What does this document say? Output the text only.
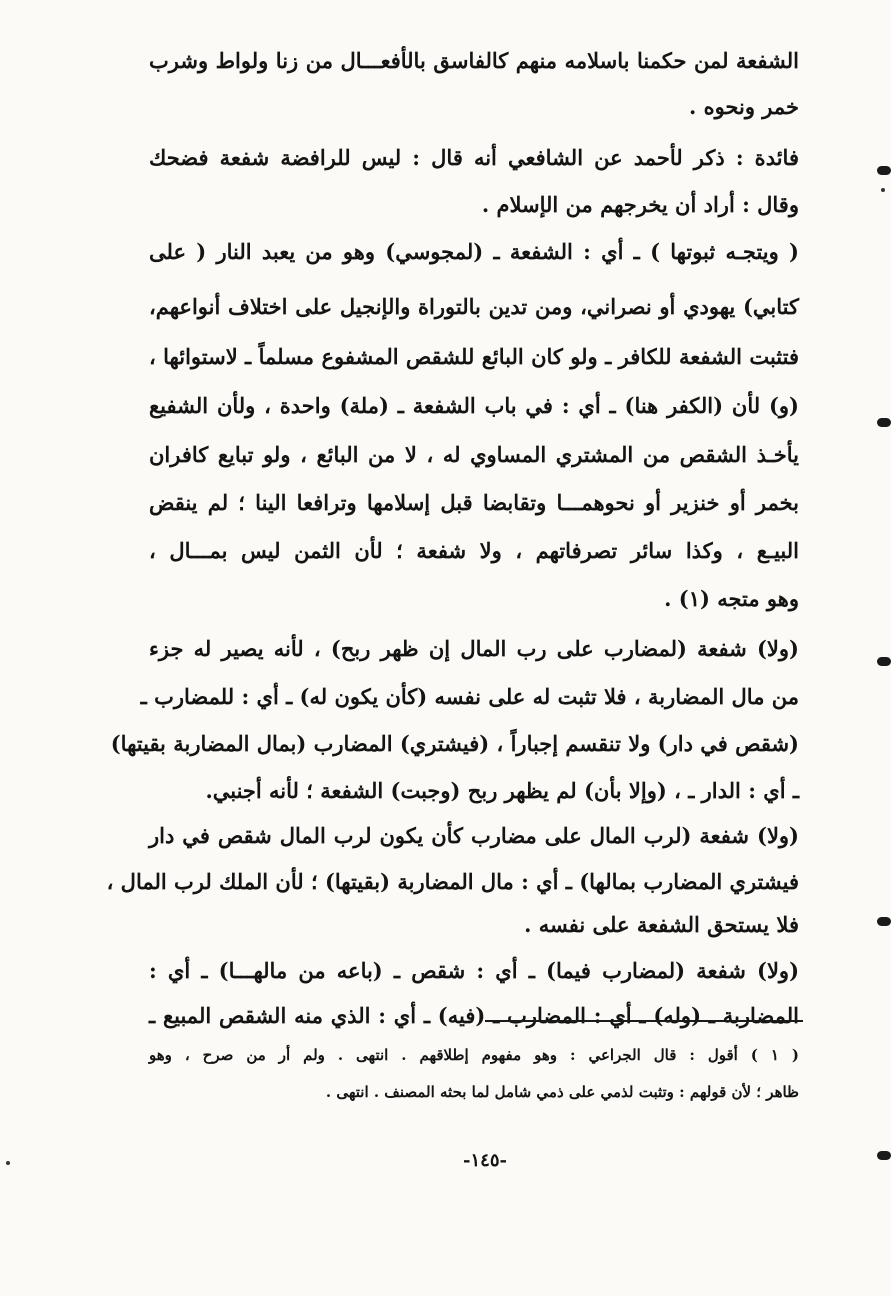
الشفعة لمن حكمنا باسلامه منهم كالفاسق بالأفعـــال من زنا ولواط وشرب

خمر ونحوه .

فائدة : ذكر لأحمد عن الشافعي أنه قال : ليس للرافضة شفعة فضحك

وقال : أراد أن يخرجهم من الإسلام .

( ويتجـه ثبوتها ) ـ أي : الشفعة ـ (لمجوسي) وهو من يعبد النار ( على

كتابي) يهودي أو نصراني، ومن تدين بالتوراة والإنجيل على اختلاف أنواعهم،

فتثبت الشفعة للكافر ـ ولو كان البائع للشقص المشفوع مسلماً ـ لاستوائها ،

(و) لأن (الكفر هنا) ـ أي : في باب الشفعة ـ (ملة) واحدة ، ولأن الشفيع

يأخـذ الشقص من المشتري المساوي له ، لا من البائع ، ولو تبايع كافران

بخمر أو خنزير أو نحوهمـــا وتقابضا قبل إسلامها وترافعا الينا ؛ لم ينقض

البيـع ، وكذا سائر تصرفاتهم ، ولا شفعة ؛ لأن الثمن ليس بمـــال ،

وهو متجه (١) .

(ولا) شفعة (لمضارب على رب المال إن ظهر ربح) ، لأنه يصير له جزء

من مال المضاربة ، فلا تثبت له على نفسه (كأن يكون له) ـ أي : للمضارب ـ

(شقص في دار) ولا تنقسم إجباراً ، (فيشتري) المضارب (بمال المضاربة بقيتها)

ـ أي : الدار ـ ، (وإلا بأن) لم يظهر ربح (وجبت) الشفعة ؛ لأنه أجنبي.

(ولا) شفعة (لرب المال على مضارب كأن يكون لرب المال شقص في دار

فيشتري المضارب بمالها) ـ أي : مال المضاربة (بقيتها) ؛ لأن الملك لرب المال ،

فلا يستحق الشفعة على نفسه .

(ولا) شفعة (لمضارب فيما) ـ أي : شقص ـ (باعه من مالهـــا) ـ أي :

المضاربة ـ (وله) ـ أي : المضارب ـ (فيه) ـ أي : الذي منه الشقص المبيع ـ

( ١ ) أقول : قال الجراعي : وهو مفهوم إطلاقهم . انتهى . ولم أر من صرح ، وهو

ظاهر ؛ لأن قولهم : وتثبت لذمي على ذمي شامل لما بحثه المصنف . انتهى .

-١٤٥-
